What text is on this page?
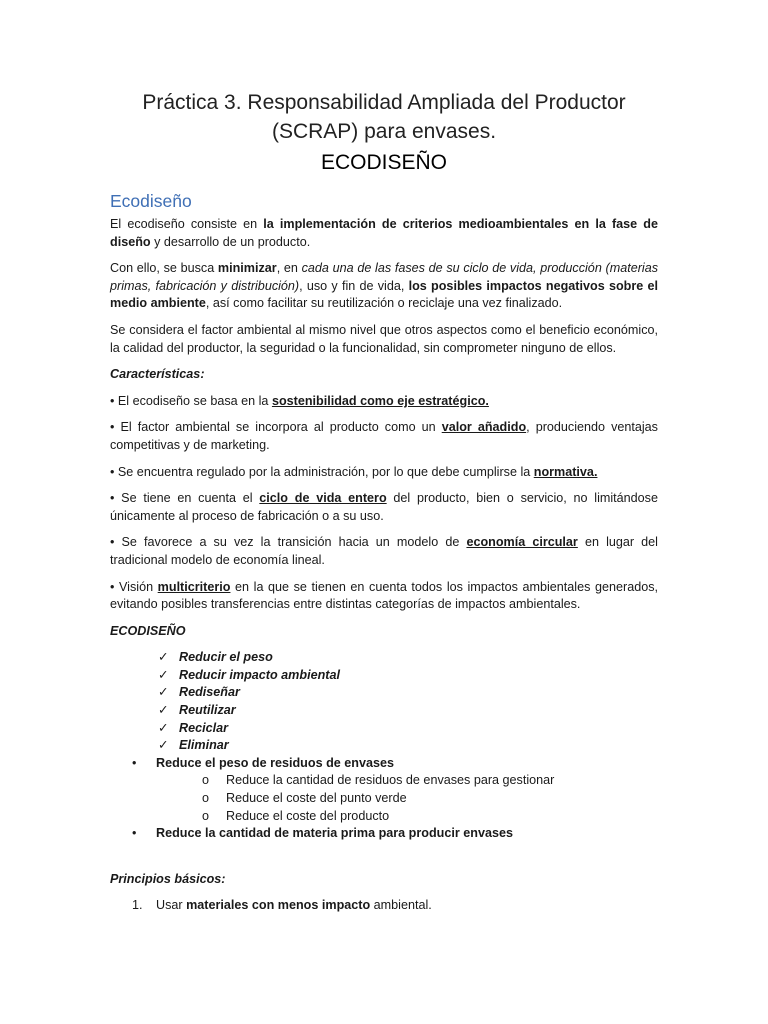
Práctica 3. Responsabilidad Ampliada del Productor
(SCRAP) para envases.
ECODISEÑO
Ecodiseño

El ecodiseño consiste en la implementación de criterios medioambientales en la fase de diseño y desarrollo de un producto.

Con ello, se busca minimizar, en cada una de las fases de su ciclo de vida, producción (materias primas, fabricación y distribución), uso y fin de vida, los posibles impactos negativos sobre el medio ambiente, así como facilitar su reutilización o reciclaje una vez finalizado.

Se considera el factor ambiental al mismo nivel que otros aspectos como el beneficio económico, la calidad del productor, la seguridad o la funcionalidad, sin comprometer ninguno de ellos.

Características:

• El ecodiseño se basa en la sostenibilidad como eje estratégico.

• El factor ambiental se incorpora al producto como un valor añadido, produciendo ventajas competitivas y de marketing.

• Se encuentra regulado por la administración, por lo que debe cumplirse la normativa.

• Se tiene en cuenta el ciclo de vida entero del producto, bien o servicio, no limitándose únicamente al proceso de fabricación o a su uso.

• Se favorece a su vez la transición hacia un modelo de economía circular en lugar del tradicional modelo de economía lineal.

• Visión multicriterio en la que se tienen en cuenta todos los impactos ambientales generados, evitando posibles transferencias entre distintas categorías de impactos ambientales.

ECODISEÑO
✓ Reducir el peso
✓ Reducir impacto ambiental
✓ Rediseñar
✓ Reutilizar
✓ Reciclar
✓ Eliminar
• Reduce el peso de residuos de envases
o Reduce la cantidad de residuos de envases para gestionar
o Reduce el coste del punto verde
o Reduce el coste del producto
• Reduce la cantidad de materia prima para producir envases
Principios básicos:
1. Usar materiales con menos impacto ambiental.
